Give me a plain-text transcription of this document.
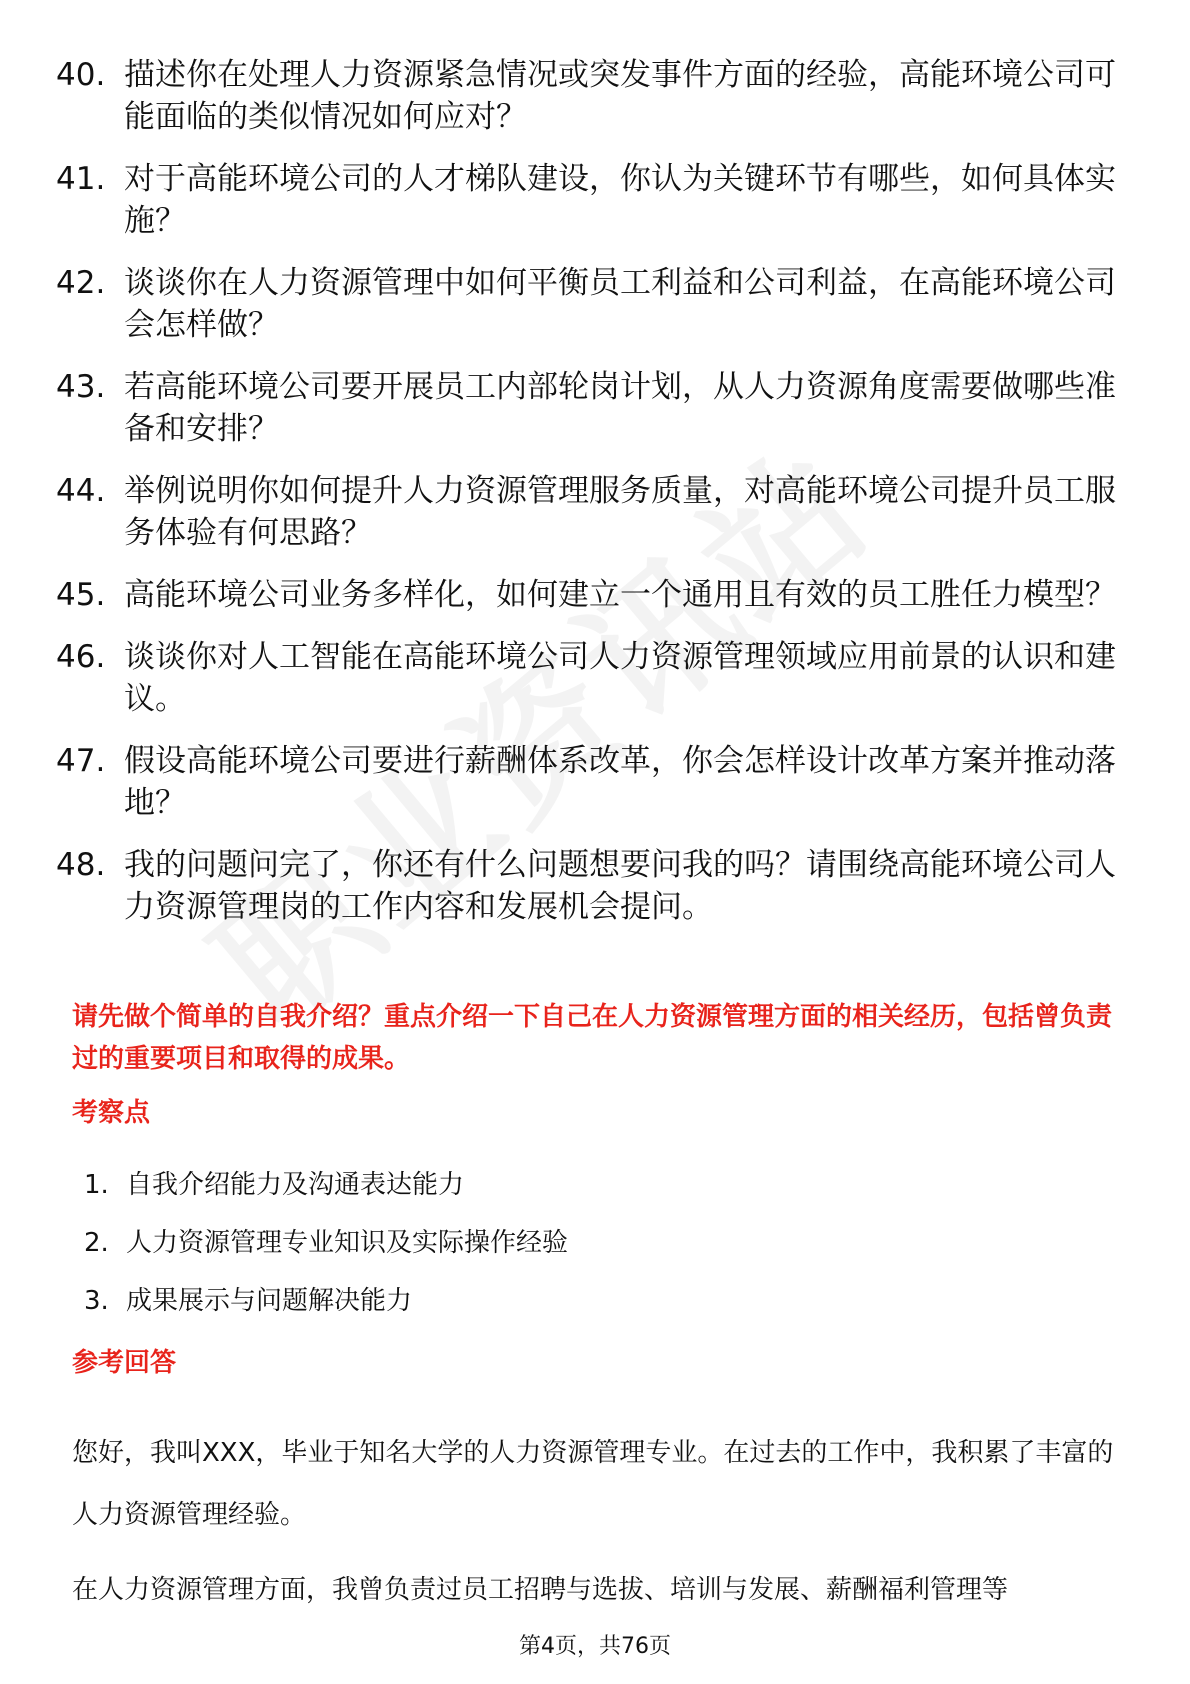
40. 描述你在处理人力资源紧急情况或突发事件方面的经验，高能环境公司可能面临的类似情况如何应对？
41. 对于高能环境公司的人才梯队建设，你认为关键环节有哪些，如何具体实施？
42. 谈谈你在人力资源管理中如何平衡员工利益和公司利益，在高能环境公司会怎样做？
43. 若高能环境公司要开展员工内部轮岗计划，从人力资源角度需要做哪些准备和安排？
44. 举例说明你如何提升人力资源管理服务质量，对高能环境公司提升员工服务体验有何思路？
45. 高能环境公司业务多样化，如何建立一个通用且有效的员工胜任力模型？
46. 谈谈你对人工智能在高能环境公司人力资源管理领域应用前景的认识和建议。
47. 假设高能环境公司要进行薪酬体系改革，你会怎样设计改革方案并推动落地？
48. 我的问题问完了，你还有什么问题想要问我的吗？请围绕高能环境公司人力资源管理岗的工作内容和发展机会提问。

请先做个简单的自我介绍？重点介绍一下自己在人力资源管理方面的相关经历，包括曾负责过的重要项目和取得的成果。

考察点
1. 自我介绍能力及沟通表达能力
2. 人力资源管理专业知识及实际操作经验
3. 成果展示与问题解决能力
参考回答

您好，我叫XXX，毕业于知名大学的人力资源管理专业。在过去的工作中，我积累了丰富的人力资源管理经验。

在人力资源管理方面，我曾负责过员工招聘与选拔、培训与发展、薪酬福利管理等

第4页，共76页
